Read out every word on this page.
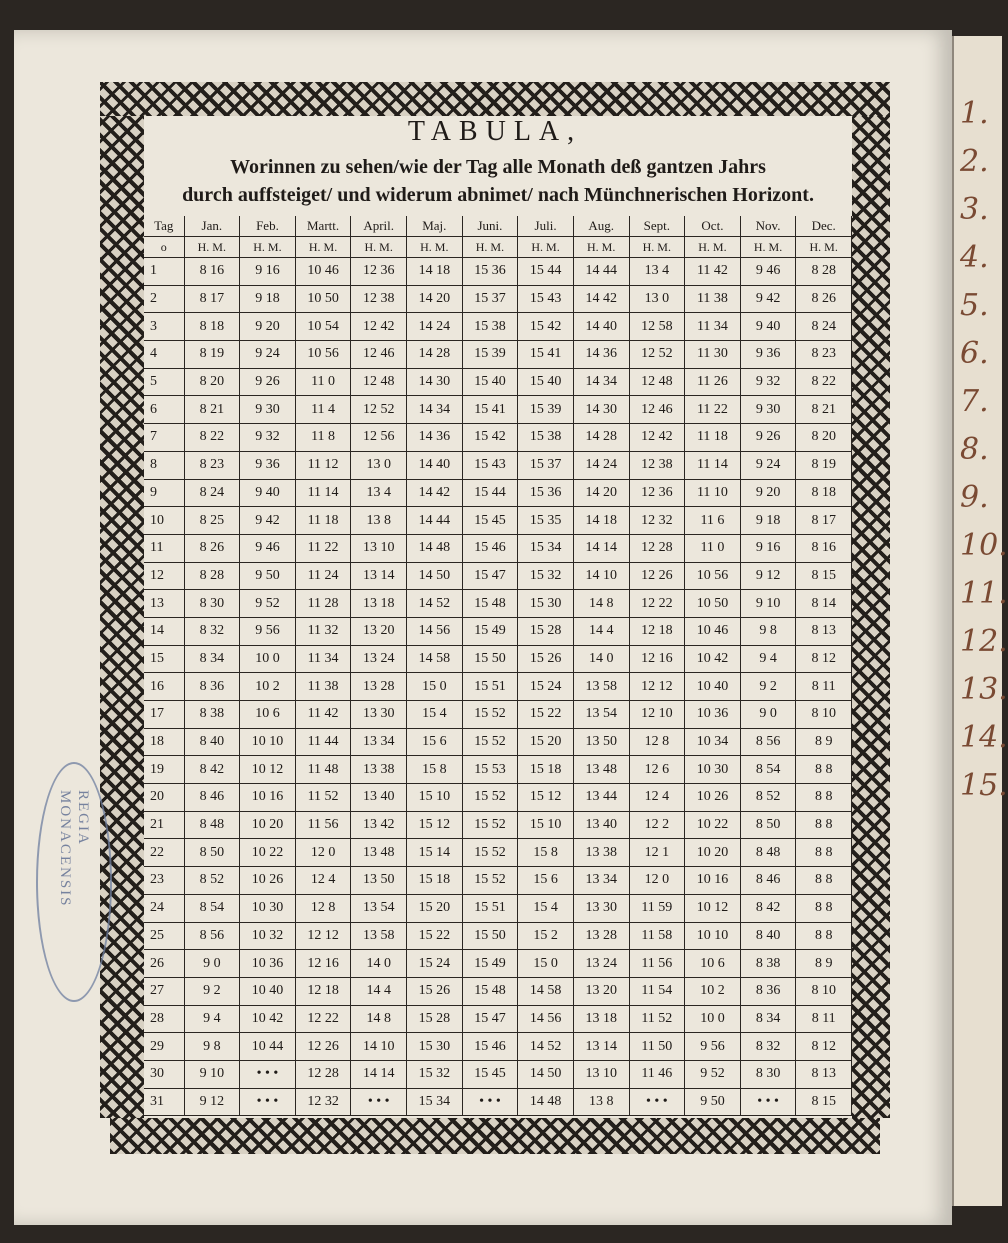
1.
2.
3.
4.
5.
6.
7.
8.
9.
10.
11.
12.
13.
14.
15.
TABULA,
Worinnen zu sehen/wie der Tag alle Monath deß gantzen Jahrs
durch auffsteiget/ und widerum abnimet/ nach Münchnerischen Horizont.
Tag	Jan.	Feb.	Martt.	April.	Maj.	Juni.	Juli.	Aug.	Sept.	Oct.	Nov.	Dec.
o	H. M.	H. M.	H. M.	H. M.	H. M.	H. M.	H. M.	H. M.	H. M.	H. M.	H. M.	H. M.
1	8 16	9 16	10 46	12 36	14 18	15 36	15 44	14 44	13 4	11 42	9 46	8 28
2	8 17	9 18	10 50	12 38	14 20	15 37	15 43	14 42	13 0	11 38	9 42	8 26
3	8 18	9 20	10 54	12 42	14 24	15 38	15 42	14 40	12 58	11 34	9 40	8 24
4	8 19	9 24	10 56	12 46	14 28	15 39	15 41	14 36	12 52	11 30	9 36	8 23
5	8 20	9 26	11 0	12 48	14 30	15 40	15 40	14 34	12 48	11 26	9 32	8 22
6	8 21	9 30	11 4	12 52	14 34	15 41	15 39	14 30	12 46	11 22	9 30	8 21
7	8 22	9 32	11 8	12 56	14 36	15 42	15 38	14 28	12 42	11 18	9 26	8 20
8	8 23	9 36	11 12	13 0	14 40	15 43	15 37	14 24	12 38	11 14	9 24	8 19
9	8 24	9 40	11 14	13 4	14 42	15 44	15 36	14 20	12 36	11 10	9 20	8 18
10	8 25	9 42	11 18	13 8	14 44	15 45	15 35	14 18	12 32	11 6	9 18	8 17
11	8 26	9 46	11 22	13 10	14 48	15 46	15 34	14 14	12 28	11 0	9 16	8 16
12	8 28	9 50	11 24	13 14	14 50	15 47	15 32	14 10	12 26	10 56	9 12	8 15
13	8 30	9 52	11 28	13 18	14 52	15 48	15 30	14 8	12 22	10 50	9 10	8 14
14	8 32	9 56	11 32	13 20	14 56	15 49	15 28	14 4	12 18	10 46	9 8	8 13
15	8 34	10 0	11 34	13 24	14 58	15 50	15 26	14 0	12 16	10 42	9 4	8 12
16	8 36	10 2	11 38	13 28	15 0	15 51	15 24	13 58	12 12	10 40	9 2	8 11
17	8 38	10 6	11 42	13 30	15 4	15 52	15 22	13 54	12 10	10 36	9 0	8 10
18	8 40	10 10	11 44	13 34	15 6	15 52	15 20	13 50	12 8	10 34	8 56	8 9
19	8 42	10 12	11 48	13 38	15 8	15 53	15 18	13 48	12 6	10 30	8 54	8 8
20	8 46	10 16	11 52	13 40	15 10	15 52	15 12	13 44	12 4	10 26	8 52	8 8
21	8 48	10 20	11 56	13 42	15 12	15 52	15 10	13 40	12 2	10 22	8 50	8 8
22	8 50	10 22	12 0	13 48	15 14	15 52	15 8	13 38	12 1	10 20	8 48	8 8
23	8 52	10 26	12 4	13 50	15 18	15 52	15 6	13 34	12 0	10 16	8 46	8 8
24	8 54	10 30	12 8	13 54	15 20	15 51	15 4	13 30	11 59	10 12	8 42	8 8
25	8 56	10 32	12 12	13 58	15 22	15 50	15 2	13 28	11 58	10 10	8 40	8 8
26	9 0	10 36	12 16	14 0	15 24	15 49	15 0	13 24	11 56	10 6	8 38	8 9
27	9 2	10 40	12 18	14 4	15 26	15 48	14 58	13 20	11 54	10 2	8 36	8 10
28	9 4	10 42	12 22	14 8	15 28	15 47	14 56	13 18	11 52	10 0	8 34	8 11
29	9 8	10 44	12 26	14 10	15 30	15 46	14 52	13 14	11 50	9 56	8 32	8 12
30	9 10	• • •	12 28	14 14	15 32	15 45	14 50	13 10	11 46	9 52	8 30	8 13
31	9 12	• • •	12 32	• • •	15 34	• • •	14 48	13 8	• • •	9 50	• • •	8 15
REGIA
MONACENSIS
